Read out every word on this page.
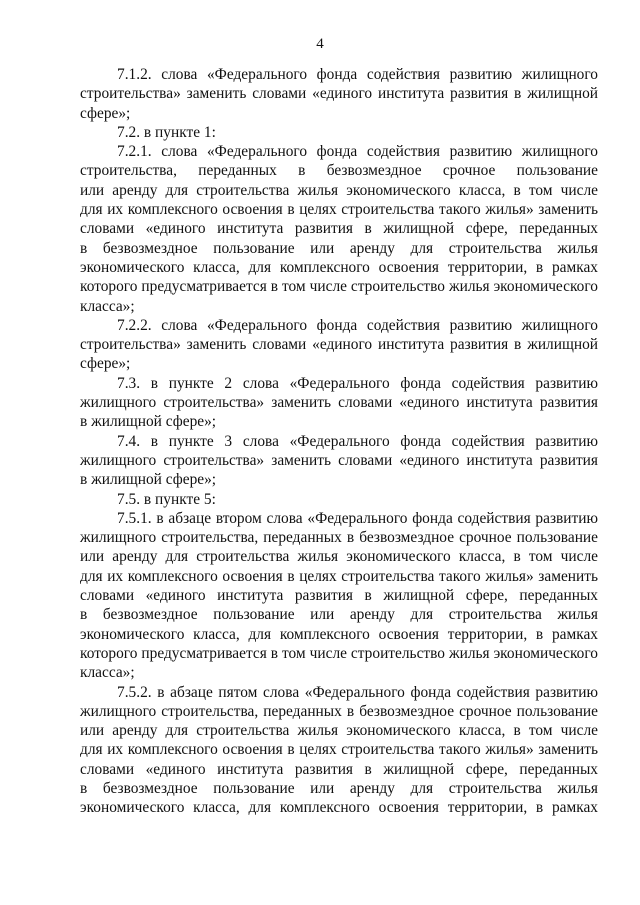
4
7.1.2. слова «Федерального фонда содействия развитию жилищного
строительства» заменить словами «единого института развития в жилищной
сфере»;
7.2. в пункте 1:
7.2.1. слова «Федерального фонда содействия развитию жилищного
строительства, переданных в безвозмездное срочное пользование
или аренду для строительства жилья экономического класса, в том числе
для их комплексного освоения в целях строительства такого жилья» заменить
словами «единого института развития в жилищной сфере, переданных
в безвозмездное пользование или аренду для строительства жилья
экономического класса, для комплексного освоения территории, в рамках
которого предусматривается в том числе строительство жилья экономического
класса»;
7.2.2. слова «Федерального фонда содействия развитию жилищного
строительства» заменить словами «единого института развития в жилищной
сфере»;
7.3. в пункте 2 слова «Федерального фонда содействия развитию
жилищного строительства» заменить словами «единого института развития
в жилищной сфере»;
7.4. в пункте 3 слова «Федерального фонда содействия развитию
жилищного строительства» заменить словами «единого института развития
в жилищной сфере»;
7.5. в пункте 5:
7.5.1. в абзаце втором слова «Федерального фонда содействия развитию
жилищного строительства, переданных в безвозмездное срочное пользование
или аренду для строительства жилья экономического класса, в том числе
для их комплексного освоения в целях строительства такого жилья» заменить
словами «единого института развития в жилищной сфере, переданных
в безвозмездное пользование или аренду для строительства жилья
экономического класса, для комплексного освоения территории, в рамках
которого предусматривается в том числе строительство жилья экономического
класса»;
7.5.2. в абзаце пятом слова «Федерального фонда содействия развитию
жилищного строительства, переданных в безвозмездное срочное пользование
или аренду для строительства жилья экономического класса, в том числе
для их комплексного освоения в целях строительства такого жилья» заменить
словами «единого института развития в жилищной сфере, переданных
в безвозмездное пользование или аренду для строительства жилья
экономического класса, для комплексного освоения территории, в рамках
